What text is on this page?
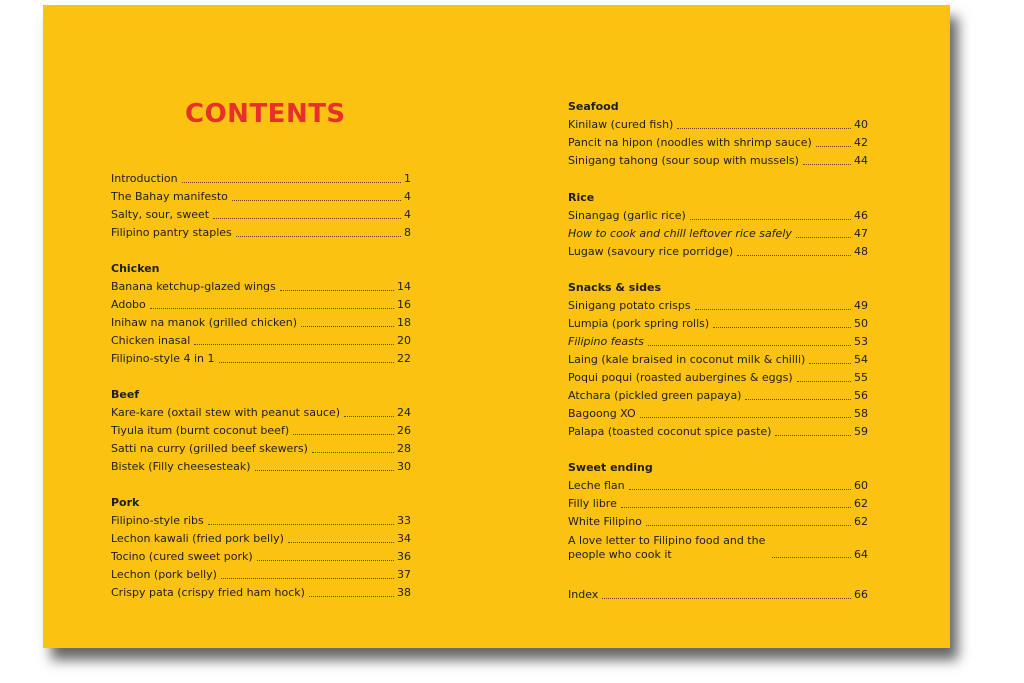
CONTENTS
Introduction	1
The Bahay manifesto	4
Salty, sour, sweet	4
Filipino pantry staples	8
Chicken
Banana ketchup-glazed wings	14
Adobo	16
Inihaw na manok (grilled chicken)	18
Chicken inasal	20
Filipino-style 4 in 1	22
Beef
Kare-kare (oxtail stew with peanut sauce)	24
Tiyula itum (burnt coconut beef)	26
Satti na curry (grilled beef skewers)	28
Bistek (Filly cheesesteak)	30
Pork
Filipino-style ribs	33
Lechon kawali (fried pork belly)	34
Tocino (cured sweet pork)	36
Lechon (pork belly)	37
Crispy pata (crispy fried ham hock)	38
Seafood
Kinilaw (cured fish)	40
Pancit na hipon (noodles with shrimp sauce)	42
Sinigang tahong (sour soup with mussels)	44
Rice
Sinangag (garlic rice)	46
How to cook and chill leftover rice safely	47
Lugaw (savoury rice porridge)	48
Snacks & sides
Sinigang potato crisps	49
Lumpia (pork spring rolls)	50
Filipino feasts	53
Laing (kale braised in coconut milk & chilli)	54
Poqui poqui (roasted aubergines & eggs)	55
Atchara (pickled green papaya)	56
Bagoong XO	58
Palapa (toasted coconut spice paste)	59
Sweet ending
Leche flan	60
Filly libre	62
White Filipino	62
A love letter to Filipino food and the people who cook it	64
Index	66
